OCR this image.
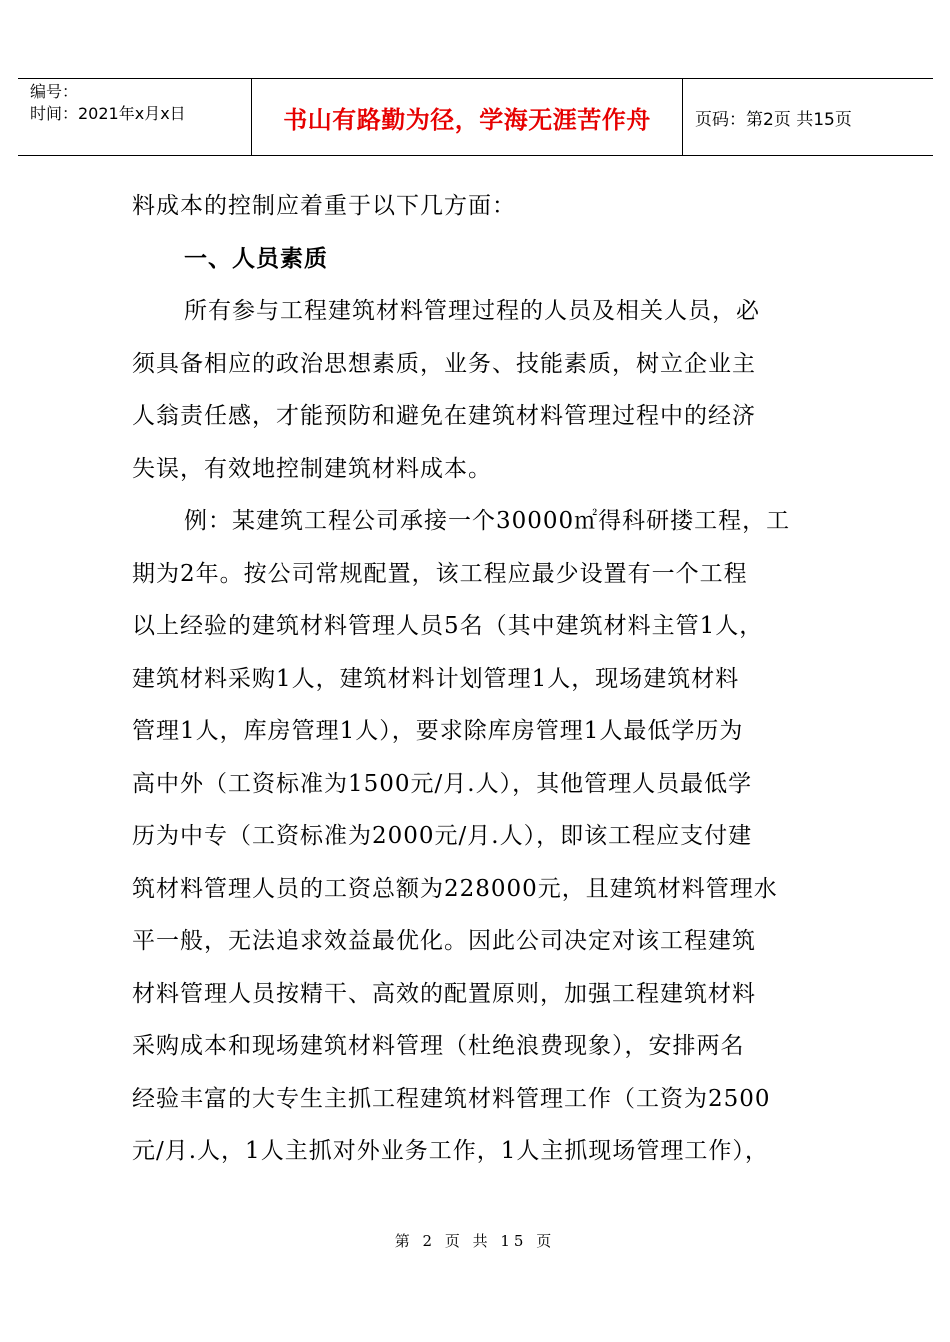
编号：
时间：2021年x月x日	书山有路勤为径，学海无涯苦作舟	页码：第2页 共15页
料成本的控制应着重于以下几方面：
一、人员素质
所有参与工程建筑材料管理过程的人员及相关人员，必
须具备相应的政治思想素质，业务、技能素质，树立企业主
人翁责任感，才能预防和避免在建筑材料管理过程中的经济
失误，有效地控制建筑材料成本。
例：某建筑工程公司承接一个30000㎡得科研搂工程，工
期为2年。按公司常规配置，该工程应最少设置有一个工程
以上经验的建筑材料管理人员5名（其中建筑材料主管1人，
建筑材料采购1人，建筑材料计划管理1人，现场建筑材料
管理1人，库房管理1人），要求除库房管理1人最低学历为
高中外（工资标准为1500元/月.人），其他管理人员最低学
历为中专（工资标准为2000元/月.人），即该工程应支付建
筑材料管理人员的工资总额为228000元，且建筑材料管理水
平一般，无法追求效益最优化。因此公司决定对该工程建筑
材料管理人员按精干、高效的配置原则，加强工程建筑材料
采购成本和现场建筑材料管理（杜绝浪费现象），安排两名
经验丰富的大专生主抓工程建筑材料管理工作（工资为2500
元/月.人，1人主抓对外业务工作，1人主抓现场管理工作），
第 2 页 共 15 页
